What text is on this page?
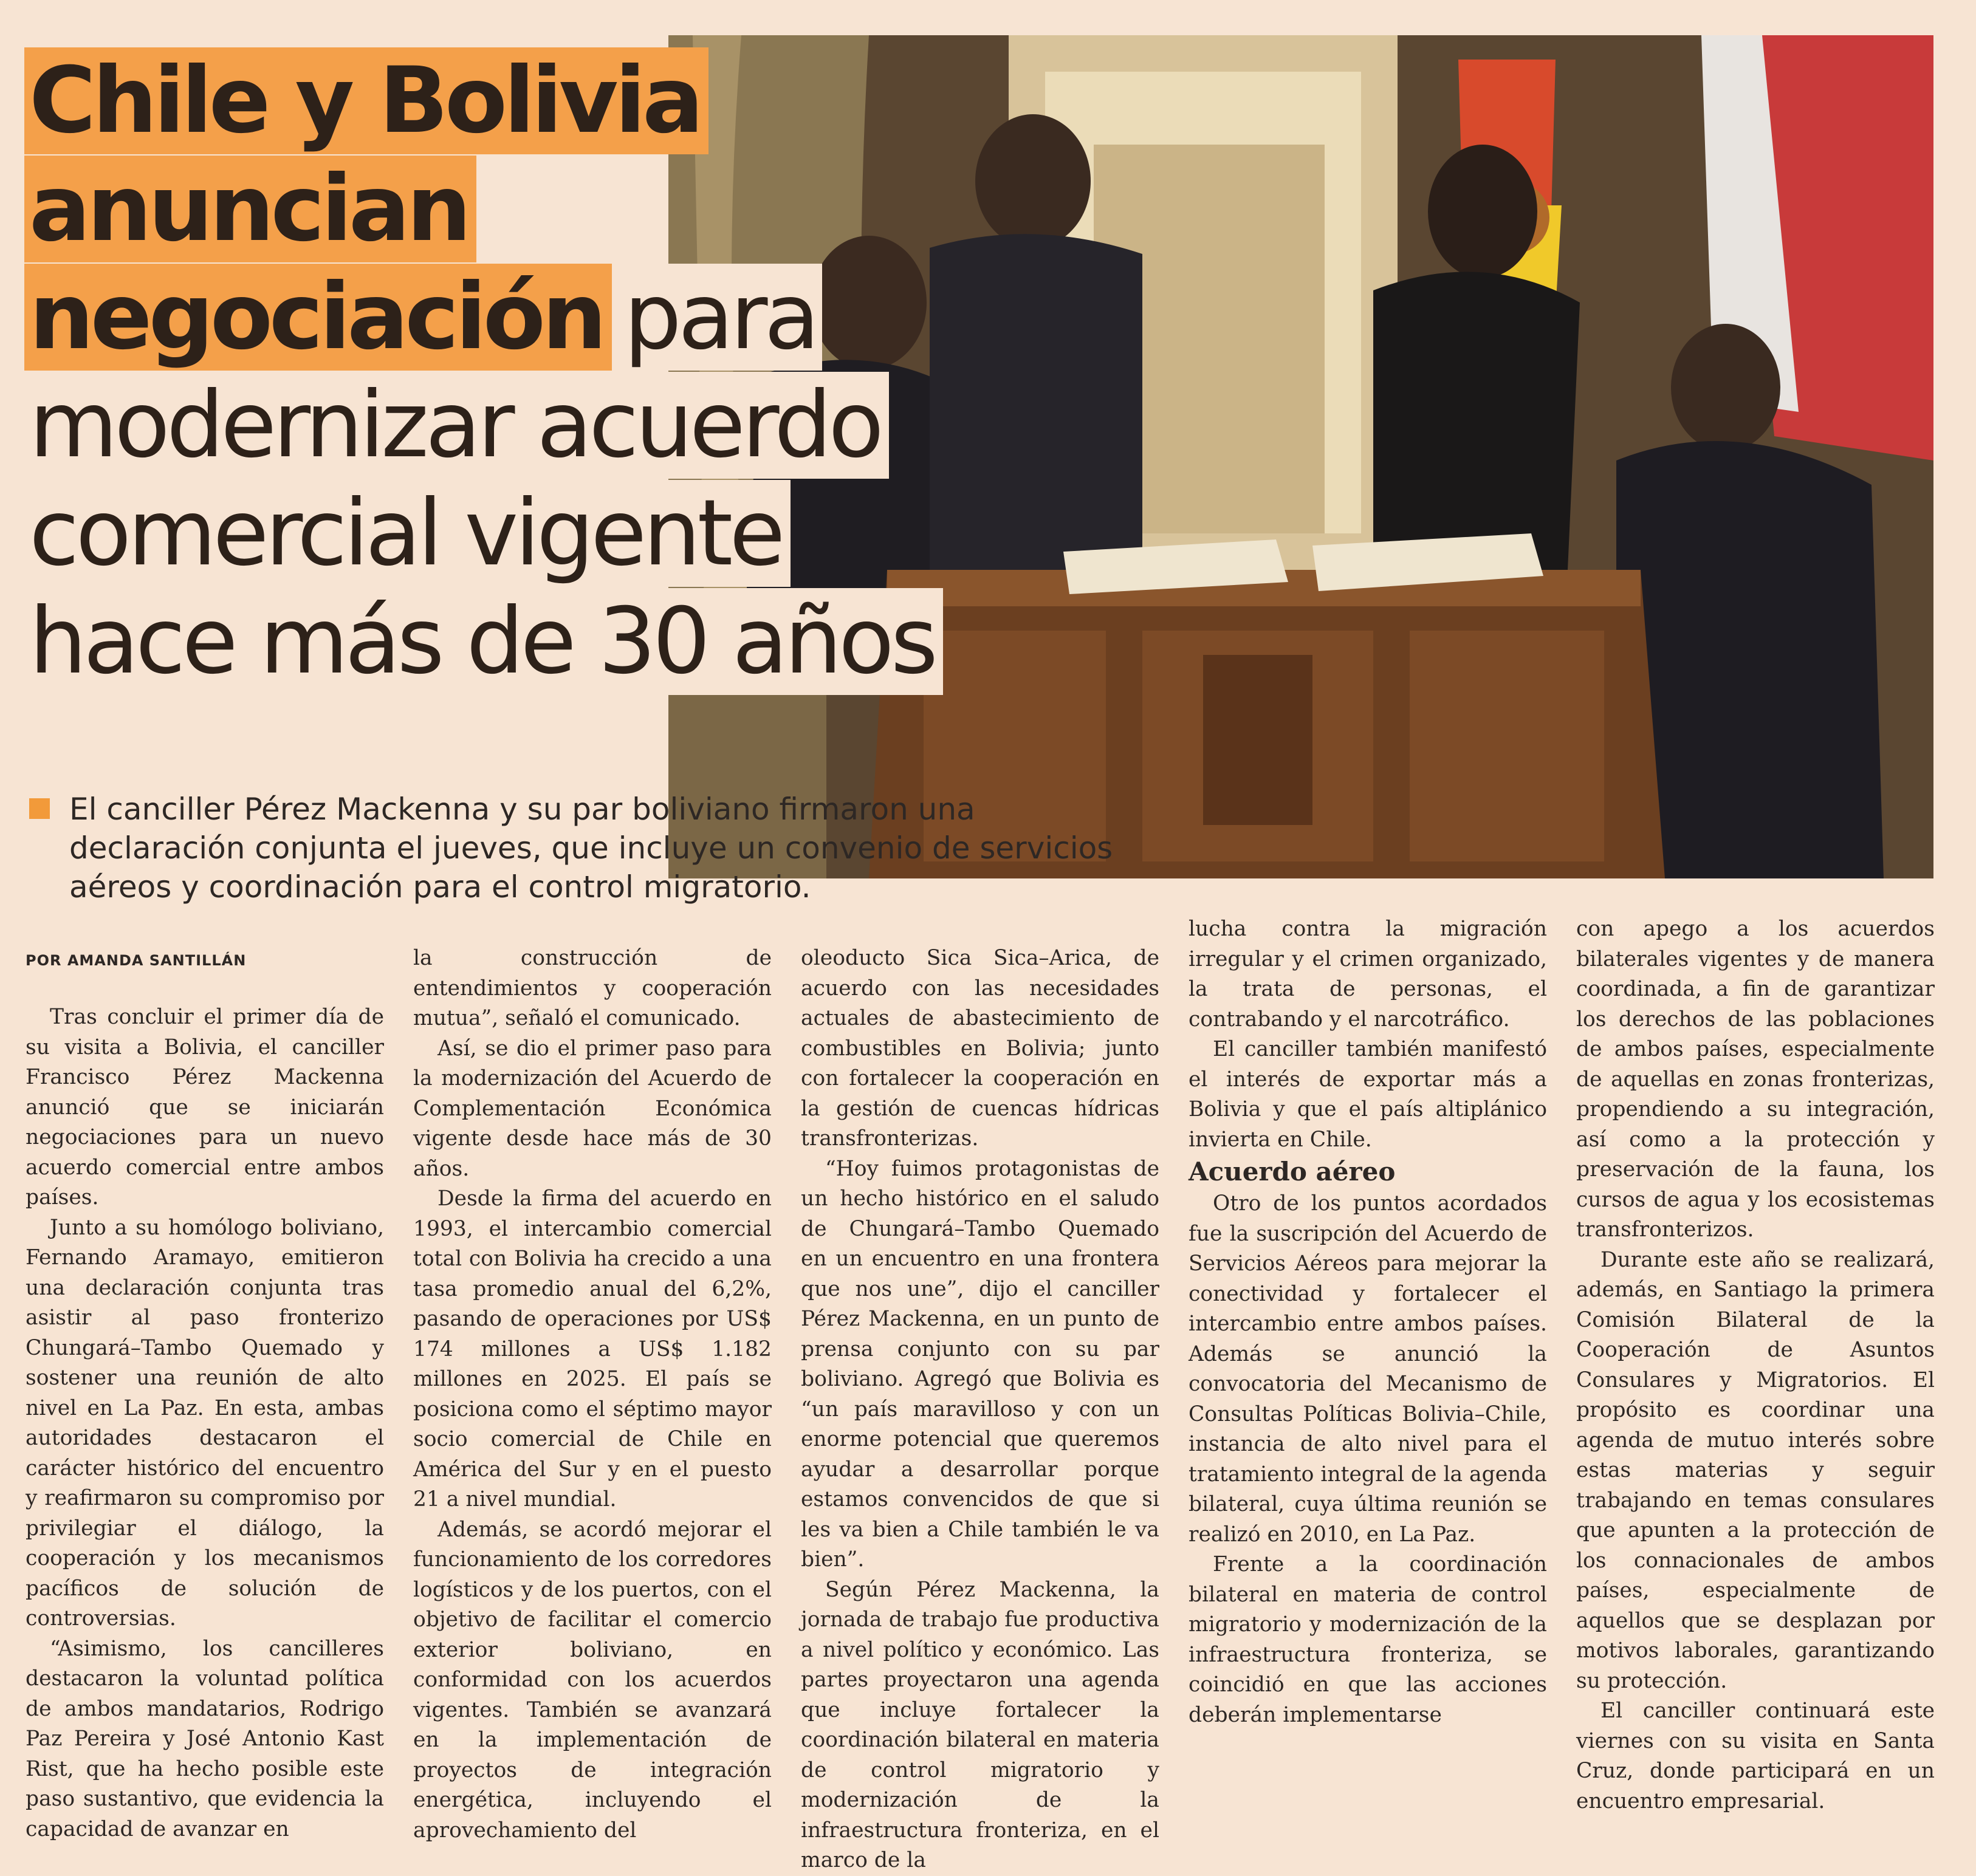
Chile y Bolivia
anuncian
negociación para
modernizar acuerdo
comercial vigente
hace más de 30 años
El canciller Pérez Mackenna y su par boliviano firmaron una declaración conjunta el jueves, que incluye un convenio de servicios aéreos y coordinación para el control migratorio.
POR AMANDA SANTILLÁN

Tras concluir el primer día de su visita a Bolivia, el canciller Francisco Pérez Mackenna anunció que se iniciarán negociaciones para un nuevo acuerdo comercial entre ambos países.

Junto a su homólogo boliviano, Fernando Aramayo, emitieron una declaración conjunta tras asistir al paso fronterizo Chungará–Tambo Quemado y sostener una reunión de alto nivel en La Paz. En esta, ambas autoridades destacaron el carácter histórico del encuentro y reafirmaron su compromiso por privilegiar el diálogo, la cooperación y los mecanismos pacíficos de solución de controversias.

“Asimismo, los cancilleres destacaron la voluntad política de ambos mandatarios, Rodrigo Paz Pereira y José Antonio Kast Rist, que ha hecho posible este paso sustantivo, que evidencia la capacidad de avanzar en

la construcción de entendimientos y cooperación mutua”, señaló el comunicado.

Así, se dio el primer paso para la modernización del Acuerdo de Complementación Económica vigente desde hace más de 30 años.

Desde la firma del acuerdo en 1993, el intercambio comercial total con Bolivia ha crecido a una tasa promedio anual del 6,2%, pasando de operaciones por US$ 174 millones a US$ 1.182 millones en 2025. El país se posiciona como el séptimo mayor socio comercial de Chile en América del Sur y en el puesto 21 a nivel mundial.

Además, se acordó mejorar el funcionamiento de los corredores logísticos y de los puertos, con el objetivo de facilitar el comercio exterior boliviano, en conformidad con los acuerdos vigentes. También se avanzará en la implementación de proyectos de integración energética, incluyendo el aprovechamiento del

oleoducto Sica Sica–Arica, de acuerdo con las necesidades actuales de abastecimiento de combustibles en Bolivia; junto con fortalecer la cooperación en la gestión de cuencas hídricas transfronterizas.

“Hoy fuimos protagonistas de un hecho histórico en el saludo de Chungará–Tambo Quemado en un encuentro en una frontera que nos une”, dijo el canciller Pérez Mackenna, en un punto de prensa conjunto con su par boliviano. Agregó que Bolivia es “un país maravilloso y con un enorme potencial que queremos ayudar a desarrollar porque estamos convencidos de que si les va bien a Chile también le va bien”.

Según Pérez Mackenna, la jornada de trabajo fue productiva a nivel político y económico. Las partes proyectaron una agenda que incluye fortalecer la coordinación bilateral en materia de control migratorio y modernización de la infraestructura fronteriza, en el marco de la

lucha contra la migración irregular y el crimen organizado, la trata de personas, el contrabando y el narcotráfico.

El canciller también manifestó el interés de exportar más a Bolivia y que el país altiplánico invierta en Chile.

Acuerdo aéreo

Otro de los puntos acordados fue la suscripción del Acuerdo de Servicios Aéreos para mejorar la conectividad y fortalecer el intercambio entre ambos países. Además se anunció la convocatoria del Mecanismo de Consultas Políticas Bolivia–Chile, instancia de alto nivel para el tratamiento integral de la agenda bilateral, cuya última reunión se realizó en 2010, en La Paz.

Frente a la coordinación bilateral en materia de control migratorio y modernización de la infraestructura fronteriza, se coincidió en que las acciones deberán implementarse

con apego a los acuerdos bilaterales vigentes y de manera coordinada, a fin de garantizar los derechos de las poblaciones de ambos países, especialmente de aquellas en zonas fronterizas, propendiendo a su integración, así como a la protección y preservación de la fauna, los cursos de agua y los ecosistemas transfronterizos.

Durante este año se realizará, además, en Santiago la primera Comisión Bilateral de la Cooperación de Asuntos Consulares y Migratorios. El propósito es coordinar una agenda de mutuo interés sobre estas materias y seguir trabajando en temas consulares que apunten a la protección de los connacionales de ambos países, especialmente de aquellos que se desplazan por motivos laborales, garantizando su protección.

El canciller continuará este viernes con su visita en Santa Cruz, donde participará en un encuentro empresarial.
